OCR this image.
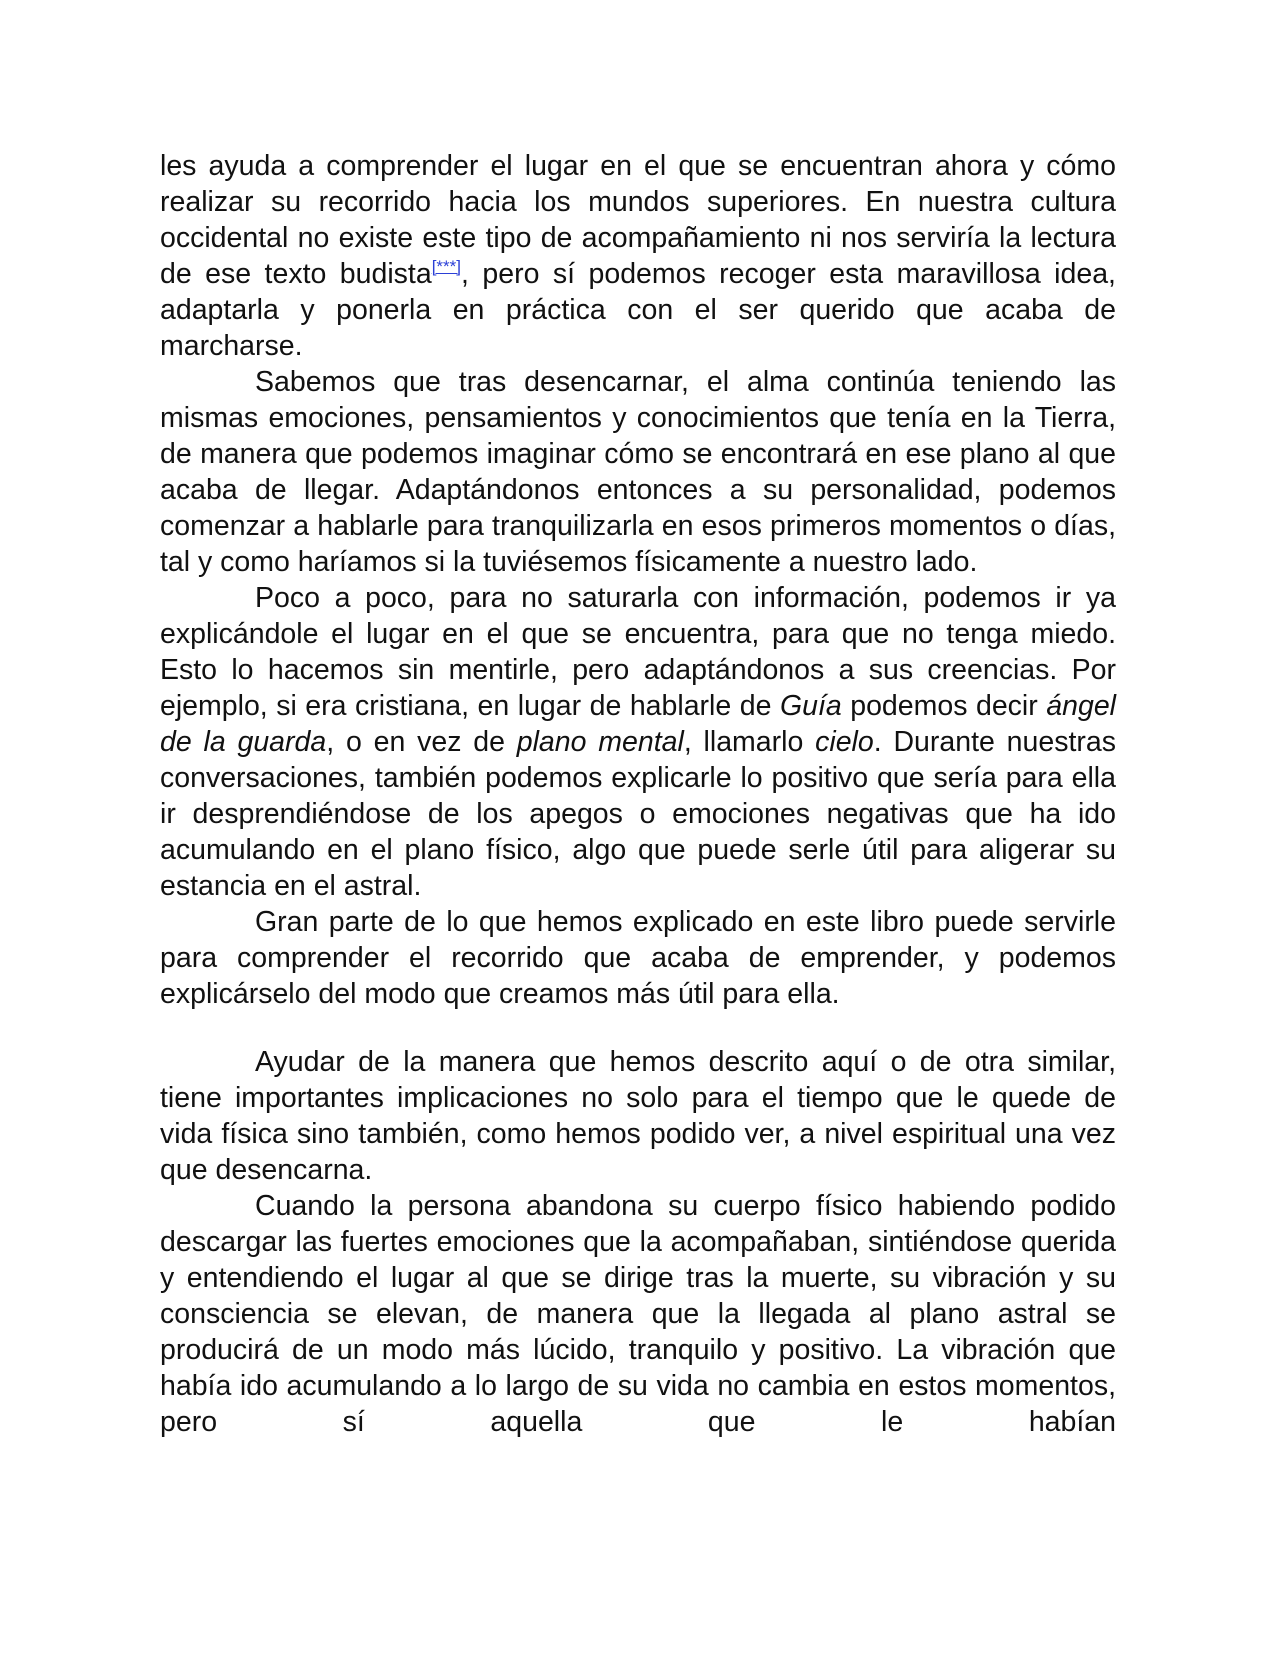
les ayuda a comprender el lugar en el que se encuentran ahora y cómo realizar su recorrido hacia los mundos superiores. En nuestra cultura occidental no existe este tipo de acompañamiento ni nos serviría la lectura de ese texto budista[***], pero sí podemos recoger esta maravillosa idea, adaptarla y ponerla en práctica con el ser querido que acaba de marcharse.

Sabemos que tras desencarnar, el alma continúa teniendo las mismas emociones, pensamientos y conocimientos que tenía en la Tierra, de manera que podemos imaginar cómo se encontrará en ese plano al que acaba de llegar. Adaptándonos entonces a su personalidad, podemos comenzar a hablarle para tranquilizarla en esos primeros momentos o días, tal y como haríamos si la tuviésemos físicamente a nuestro lado.

Poco a poco, para no saturarla con información, podemos ir ya explicándole el lugar en el que se encuentra, para que no tenga miedo. Esto lo hacemos sin mentirle, pero adaptándonos a sus creencias. Por ejemplo, si era cristiana, en lugar de hablarle de Guía podemos decir ángel de la guarda, o en vez de plano mental, llamarlo cielo. Durante nuestras conversaciones, también podemos explicarle lo positivo que sería para ella ir desprendiéndose de los apegos o emociones negativas que ha ido acumulando en el plano físico, algo que puede serle útil para aligerar su estancia en el astral.

Gran parte de lo que hemos explicado en este libro puede servirle para comprender el recorrido que acaba de emprender, y podemos explicárselo del modo que creamos más útil para ella.

Ayudar de la manera que hemos descrito aquí o de otra similar, tiene importantes implicaciones no solo para el tiempo que le quede de vida física sino también, como hemos podido ver, a nivel espiritual una vez que desencarna.

Cuando la persona abandona su cuerpo físico habiendo podido descargar las fuertes emociones que la acompañaban, sintiéndose querida y entendiendo el lugar al que se dirige tras la muerte, su vibración y su consciencia se elevan, de manera que la llegada al plano astral se producirá de un modo más lúcido, tranquilo y positivo. La vibración que había ido acumulando a lo largo de su vida no cambia en estos momentos, pero sí aquella que le habían
